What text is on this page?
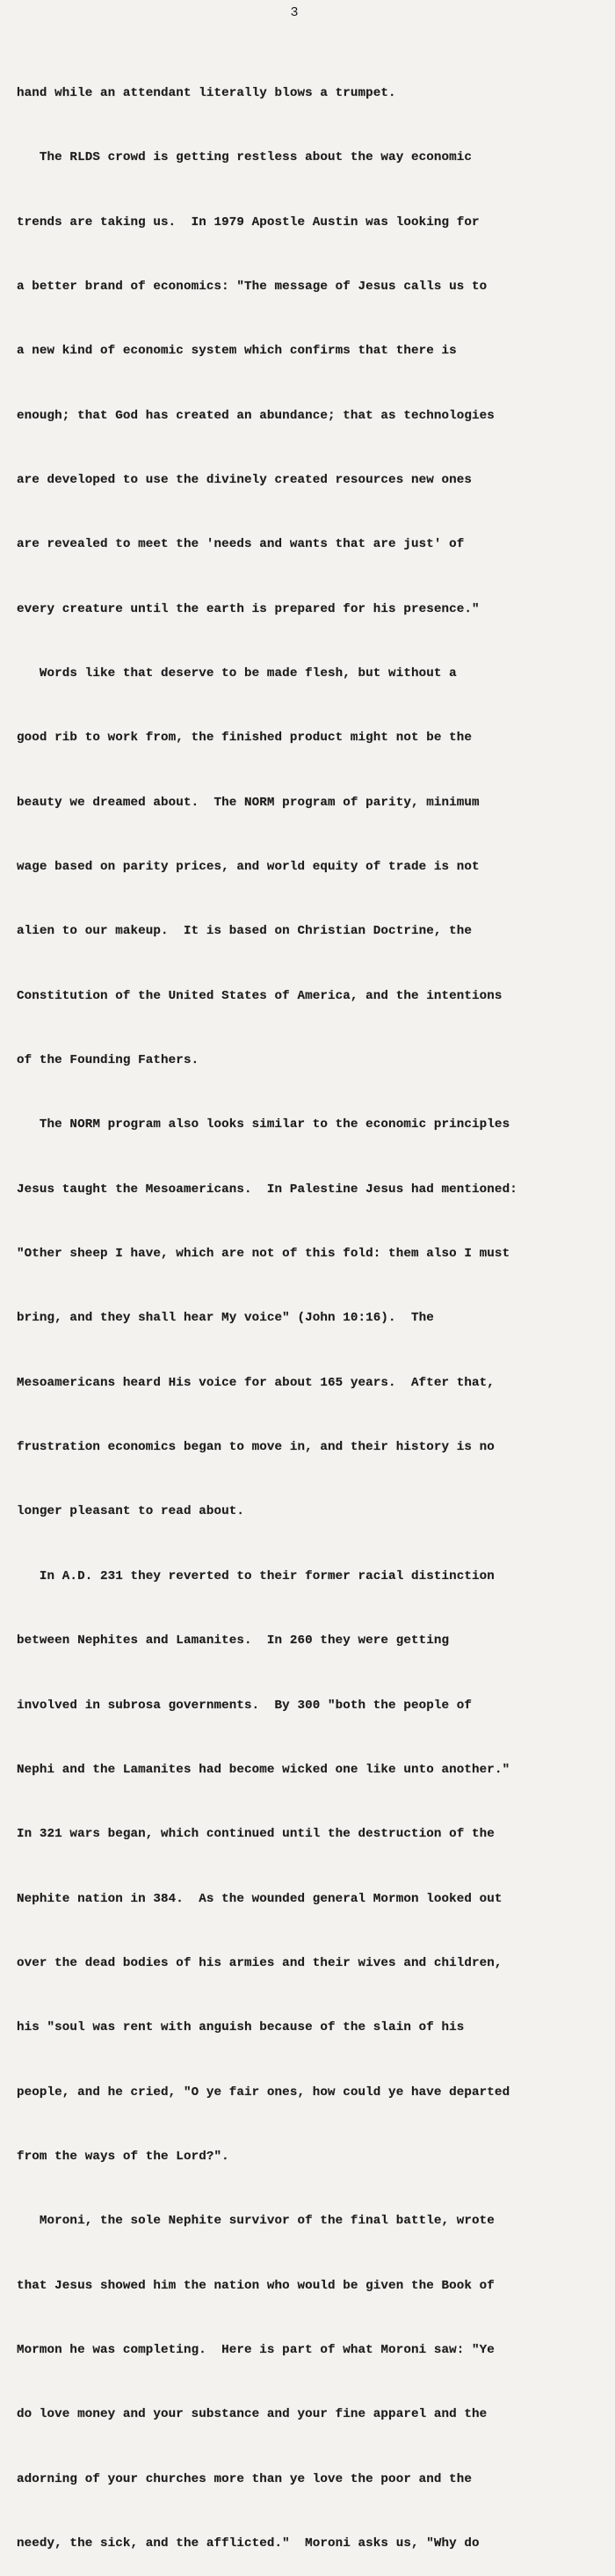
3

hand while an attendant literally blows a trumpet.

The RLDS crowd is getting restless about the way economic

trends are taking us.  In 1979 Apostle Austin was looking for

a better brand of economics: "The message of Jesus calls us to

a new kind of economic system which confirms that there is

enough; that God has created an abundance; that as technologies

are developed to use the divinely created resources new ones

are revealed to meet the 'needs and wants that are just' of

every creature until the earth is prepared for his presence."

Words like that deserve to be made flesh, but without a

good rib to work from, the finished product might not be the

beauty we dreamed about.  The NORM program of parity, minimum

wage based on parity prices, and world equity of trade is not

alien to our makeup.  It is based on Christian Doctrine, the

Constitution of the United States of America, and the intentions

of the Founding Fathers.

The NORM program also looks similar to the economic principles

Jesus taught the Mesoamericans.  In Palestine Jesus had mentioned:

"Other sheep I have, which are not of this fold: them also I must

bring, and they shall hear My voice" (John 10:16).  The

Mesoamericans heard His voice for about 165 years.  After that,

frustration economics began to move in, and their history is no

longer pleasant to read about.

In A.D. 231 they reverted to their former racial distinction

between Nephites and Lamanites.  In 260 they were getting

involved in subrosa governments.  By 300 "both the people of

Nephi and the Lamanites had become wicked one like unto another."

In 321 wars began, which continued until the destruction of the

Nephite nation in 384.  As the wounded general Mormon looked out

over the dead bodies of his armies and their wives and children,

his "soul was rent with anguish because of the slain of his

people, and he cried, "O ye fair ones, how could ye have departed

from the ways of the Lord?".

Moroni, the sole Nephite survivor of the final battle, wrote

that Jesus showed him the nation who would be given the Book of

Mormon he was completing.  Here is part of what Moroni saw: "Ye

do love money and your substance and your fine apparel and the

adorning of your churches more than ye love the poor and the

needy, the sick, and the afflicted."  Moroni asks us, "Why do
